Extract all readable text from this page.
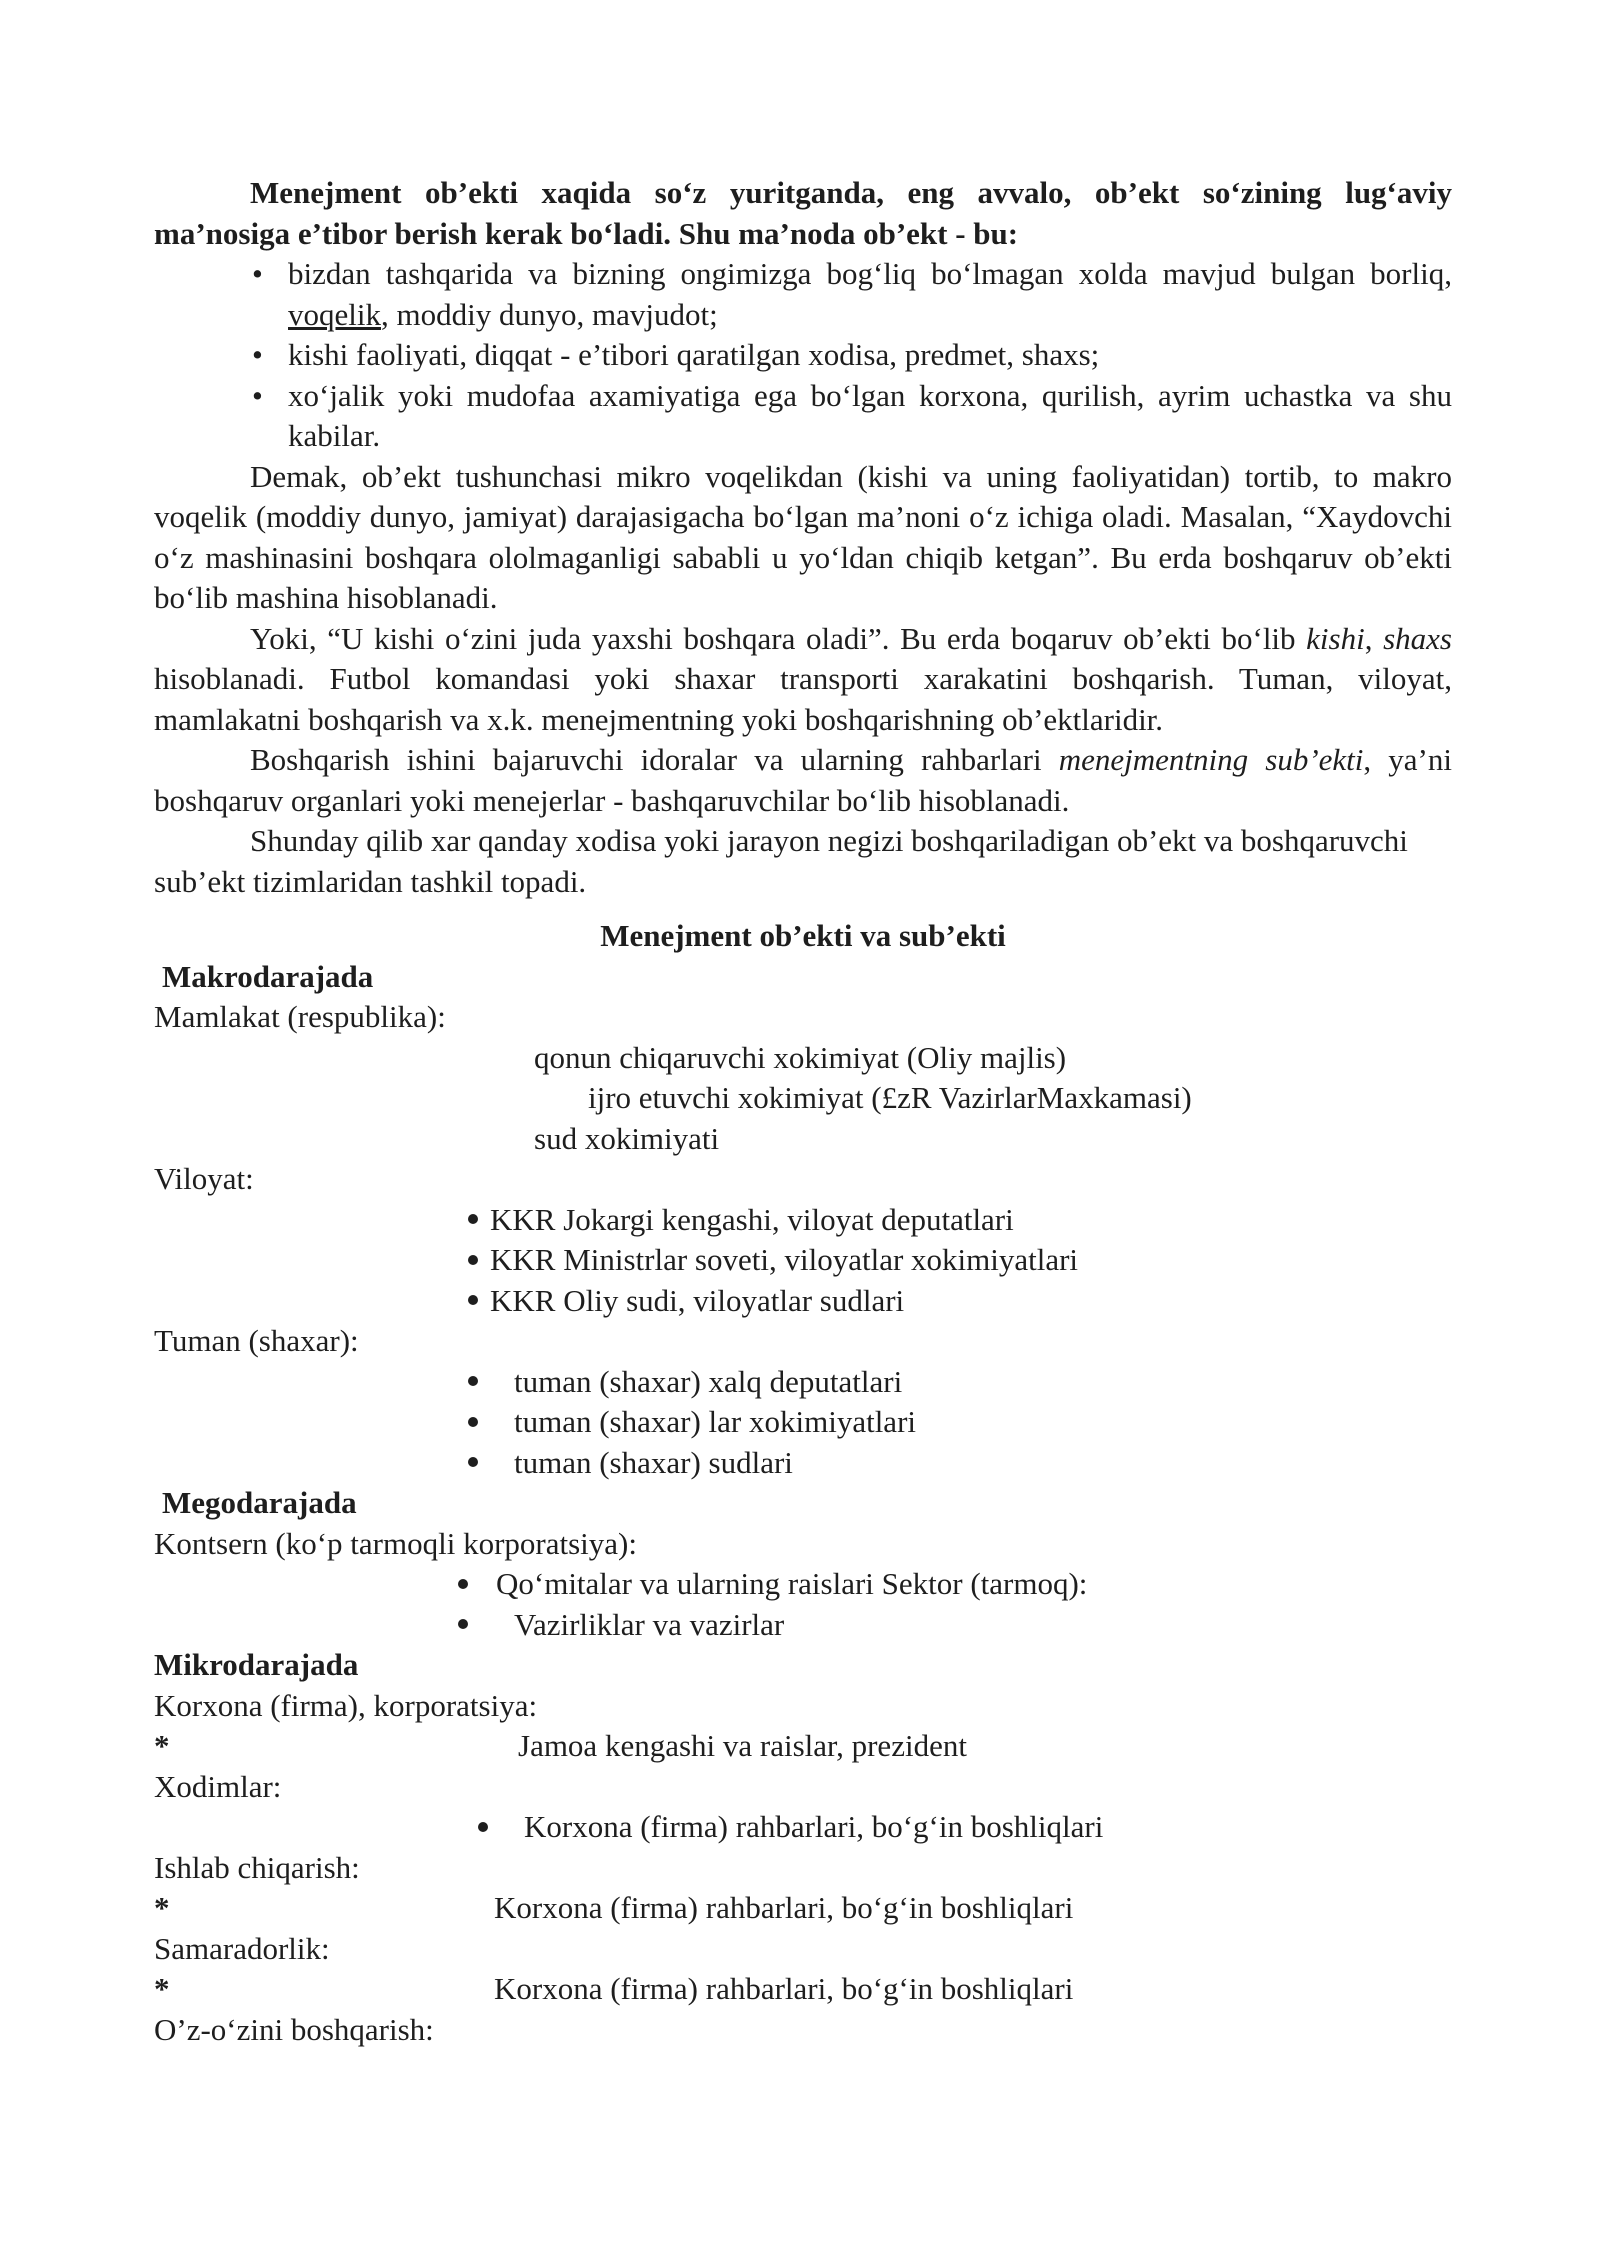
Menejment ob’ekti xaqida so‘z yuritganda, eng avvalo, ob’ekt so‘zining lug‘aviy ma’nosiga e’tibor berish kerak bo‘ladi. Shu ma’noda ob’ekt - bu:

• bizdan tashqarida va bizning ongimizga bog‘liq bo‘lmagan xolda mavjud bulgan borliq, voqelik, moddiy dunyo, mavjudot;
• kishi faoliyati, diqqat - e’tibori qaratilgan xodisa, predmet, shaxs;
• xo‘jalik yoki mudofaa axamiyatiga ega bo‘lgan korxona, qurilish, ayrim uchastka va shu kabilar.

Demak, ob’ekt tushunchasi mikro voqelikdan (kishi va uning faoliyatidan) tortib, to makro voqelik (moddiy dunyo, jamiyat) darajasigacha bo‘lgan ma’noni o‘z ichiga oladi. Masalan, “Xaydovchi o‘z mashinasini boshqara ololmaganligi sababli u yo‘ldan chiqib ketgan”. Bu erda boshqaruv ob’ekti bo‘lib mashina hisoblanadi.

Yoki, “U kishi o‘zini juda yaxshi boshqara oladi”. Bu erda boqaruv ob’ekti bo‘lib kishi, shaxs hisoblanadi. Futbol komandasi yoki shaxar transporti xarakatini boshqarish. Tuman, viloyat, mamlakatni boshqarish va x.k. menejmentning yoki boshqarishning ob’ektlaridir.

Boshqarish ishini bajaruvchi idoralar va ularning rahbarlari menejmentning sub’ekti, ya’ni boshqaruv organlari yoki menejerlar - bashqaruvchilar bo‘lib hisoblanadi.

Shunday qilib xar qanday xodisa yoki jarayon negizi boshqariladigan ob’ekt va boshqaruvchi sub’ekt tizimlaridan tashkil topadi.

Menejment ob’ekti va sub’ekti

Makrodarajada
Mamlakat (respublika):
qonun chiqaruvchi xokimiyat (Oliy majlis)
ijro etuvchi xokimiyat (£zR VazirlarMaxkamasi)
sud xokimiyati
Viloyat:
KKR Jokargi kengashi, viloyat deputatlari
KKR Ministrlar soveti, viloyatlar xokimiyatlari
KKR Oliy sudi, viloyatlar sudlari
Tuman (shaxar):
tuman (shaxar) xalq deputatlari
tuman (shaxar) lar xokimiyatlari
tuman (shaxar) sudlari
Megodarajada
Kontsern (ko‘p tarmoqli korporatsiya):
Qo‘mitalar va ularning raislari Sektor (tarmoq):
Vazirliklar va vazirlar
Mikrodarajada
Korxona (firma), korporatsiya:
*	Jamoa kengashi va raislar, prezident
Xodimlar:
Korxona (firma) rahbarlari, bo‘g‘in boshliqlari
Ishlab chiqarish:
*	Korxona (firma) rahbarlari, bo‘g‘in boshliqlari
Samaradorlik:
*	Korxona (firma) rahbarlari, bo‘g‘in boshliqlari
O’z-o‘zini boshqarish:
